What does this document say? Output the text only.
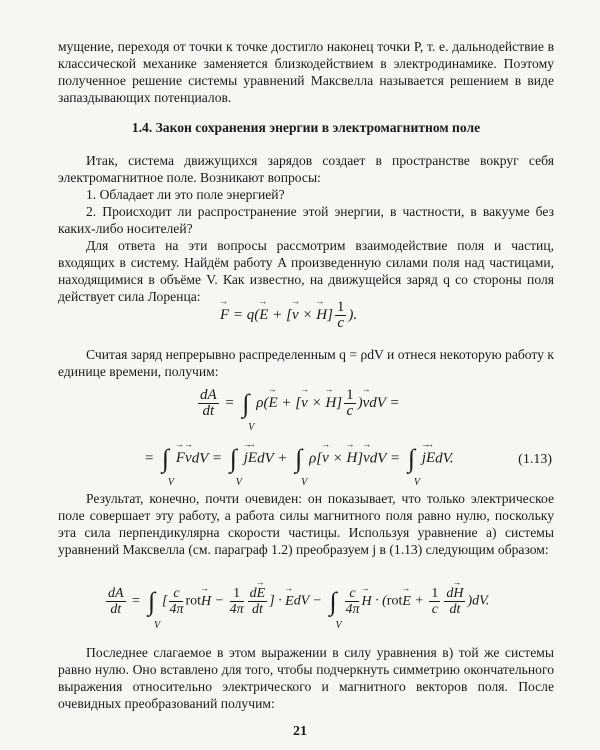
мущение, переходя от точки к точке достигло наконец точки P, т. е. дальнодействие в классической механике заменяется близкодействием в электродинамике. Поэтому полученное решение системы уравнений Максвелла называется решением в виде запаздывающих потенциалов.

1.4. Закон сохранения энергии в электромагнитном поле

Итак, система движущихся зарядов создает в пространстве вокруг себя электромагнитное поле. Возникают вопросы:

1. Обладает ли это поле энергией?

2. Происходит ли распространение этой энергии, в частности, в вакууме без каких-либо носителей?

Для ответа на эти вопросы рассмотрим взаимодействие поля и частиц, входящих в систему. Найдём работу A произведенную силами поля над частицами, находящимися в объёме V. Как известно, на движущейся заряд q со стороны поля действует сила Лоренца:

→ F = q(→ E + [→ v × → $H] \frac{1}{c}$ ).

Считая заряд непрерывно распределенным q = ρdV и отнеся некоторую работу к единице времени, получим:

$\frac{dA}{dt}$ = ∫
V
ρ(→ E + [→ v × → $H] \frac{1}{c}$ )→ vdV =
= ∫
V
→ F→ vdV = ∫
V
→ j→ EdV + ∫
V
ρ[→ v × → H]→ vdV = ∫
V
→ j→ EdV.	(1.13)

Результат, конечно, почти очевиден: он показывает, что только электрическое поле совершает эту работу, а работа силы магнитного поля равно нулю, поскольку эта сила перпендикулярна скорости частицы. Используя уравнение а) системы уравнений Максвелла (см. параграф 1.2) преобразуем j в (1.13) следующим образом:

$\frac{dA}{dt}$ = ∫
V
[ $\frac{c}{4\pi} rot\to H - \frac{1}{4\pi} \frac{d\to E}{dt}$ ] · → EdV − ∫
V
$\frac{c}{4\pi}$
→ $H \cdot (rot\to E + \frac{1}{c} \frac{d\to H}{dt} )dV$.

Последнее слагаемое в этом выражении в силу уравнения в) той же системы равно нулю. Оно вставлено для того, чтобы подчеркнуть симметрию окончательного выражения относительно электрического и магнитного векторов поля. После очевидных преобразований получим:

21
